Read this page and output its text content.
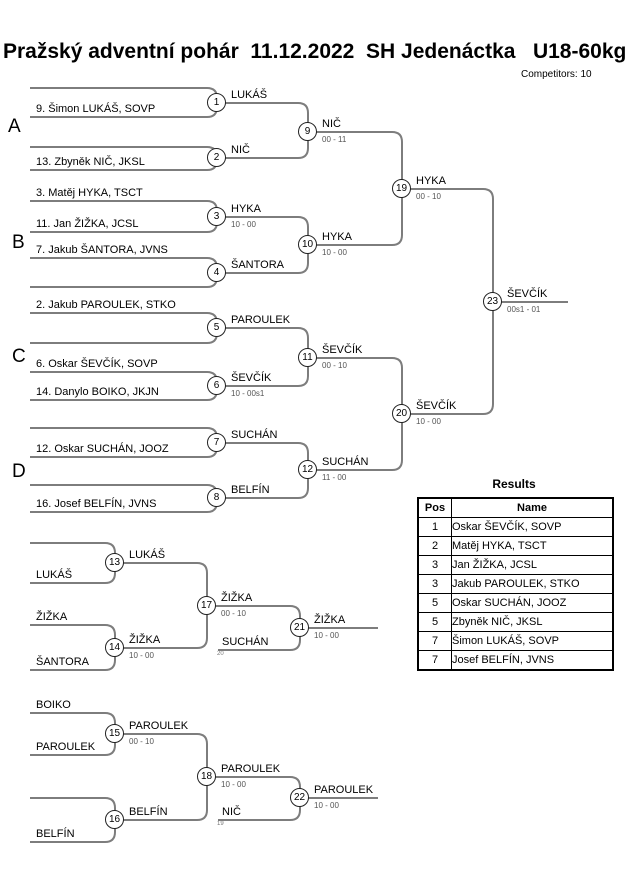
Pražský adventní pohár  11.12.2022  SH Jedenáctka   U18-60kg
Competitors: 10
A
B
C
D
9. Šimon LUKÁŠ, SOVP
13. Zbyněk NIČ, JKSL
3. Matěj HYKA, TSCT
11. Jan ŽIŽKA, JCSL
7. Jakub ŠANTORA, JVNS
2. Jakub PAROULEK, STKO
6. Oskar ŠEVČÍK, SOVP
14. Danylo BOIKO, JKJN
12. Oskar SUCHÁN, JOOZ
16. Josef BELFÍN, JVNS
LUKÁŠ
ŽIŽKA
ŠANTORA
BOIKO
PAROULEK
BELFÍN
SUCHÁN
20
NIČ
19
LUKÁŠ
NIČ
HYKA
10 - 00
ŠANTORA
PAROULEK
ŠEVČÍK
10 - 00s1
SUCHÁN
BELFÍN
NIČ
00 - 11
HYKA
10 - 00
ŠEVČÍK
00 - 10
SUCHÁN
11 - 00
HYKA
00 - 10
ŠEVČÍK
10 - 00
ŠEVČÍK
00s1 - 01
LUKÁŠ
ŽIŽKA
10 - 00
PAROULEK
00 - 10
BELFÍN
ŽIŽKA
00 - 10
PAROULEK
10 - 00
ŽIŽKA
10 - 00
PAROULEK
10 - 00
1
2
3
4
5
6
7
8
9
10
11
12
19
20
23
13
14
17
21
15
16
18
22
Results
Pos	Name
1	Oskar ŠEVČÍK, SOVP
2	Matěj HYKA, TSCT
3	Jan ŽIŽKA, JCSL
3	Jakub PAROULEK, STKO
5	Oskar SUCHÁN, JOOZ
5	Zbyněk NIČ, JKSL
7	Šimon LUKÁŠ, SOVP
7	Josef BELFÍN, JVNS
